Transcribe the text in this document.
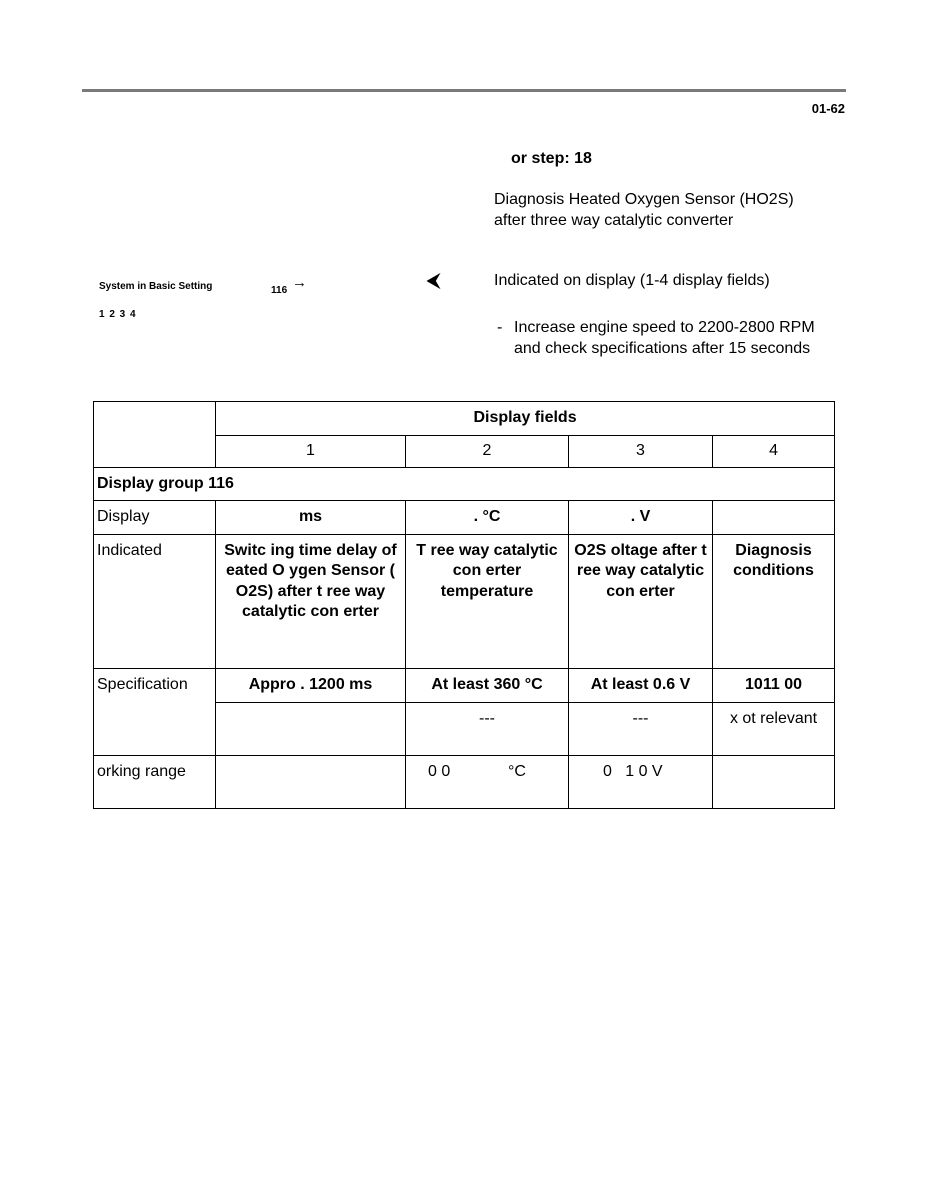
01-62
or step: 18
Diagnosis Heated Oxygen Sensor (HO2S) after three way catalytic converter
System in Basic Setting	116 →
1 2 3 4
⮜	Indicated on display (1-4 display fields)
- Increase engine speed to 2200-2800 RPM and check specifications after 15 seconds
	Display fields			
	1	2	3	4
Display group 116				
Display	ms	. °C	. V	
Indicated	Switc ing time delay of eated O ygen Sensor ( O2S) after t ree way catalytic con erter	T ree way catalytic con erter temperature	O2S oltage after t ree way catalytic con erter	Diagnosis conditions
Specification	Appro . 1200 ms	At least 360 °C	At least 0.6 V	1011 00
		---	---	x ot relevant
orking range		0 0             °C	0   1 0 V	
